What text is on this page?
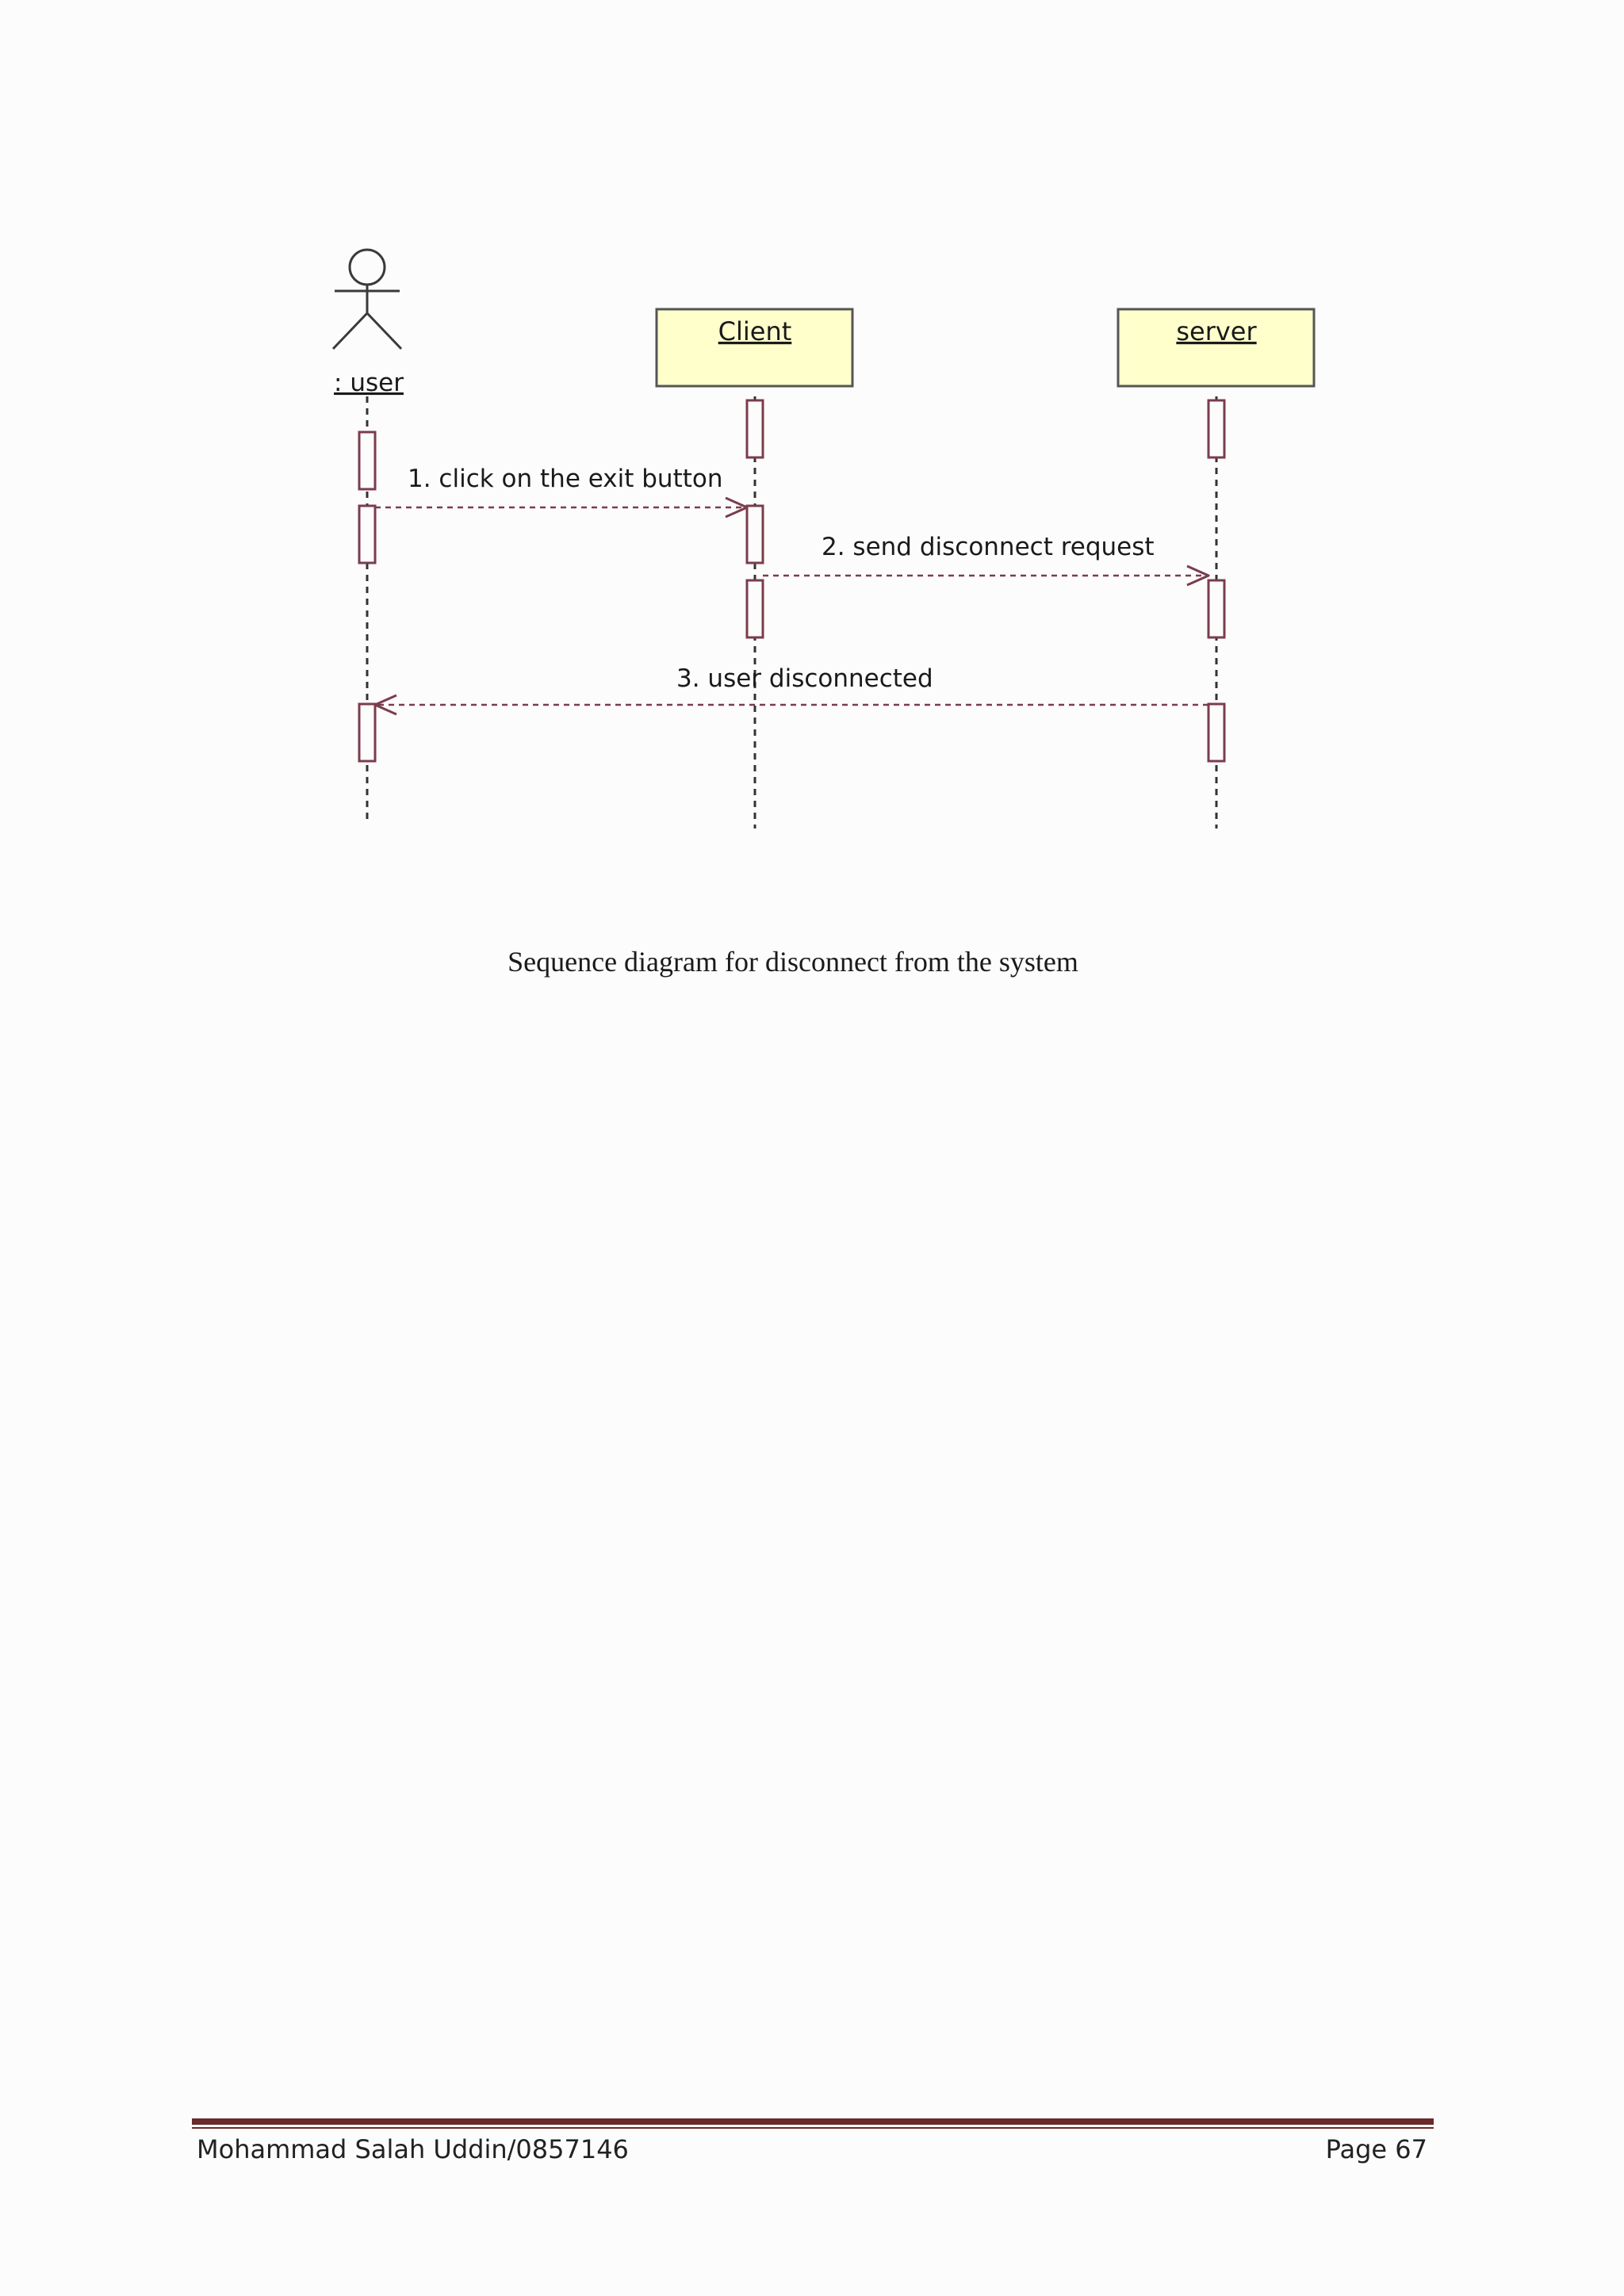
: user
Client	server
1. click on the exit button
2. send disconnect request
3. user disconnected
Sequence diagram for disconnect from the system
Mohammad Salah Uddin/0857146	Page 67
